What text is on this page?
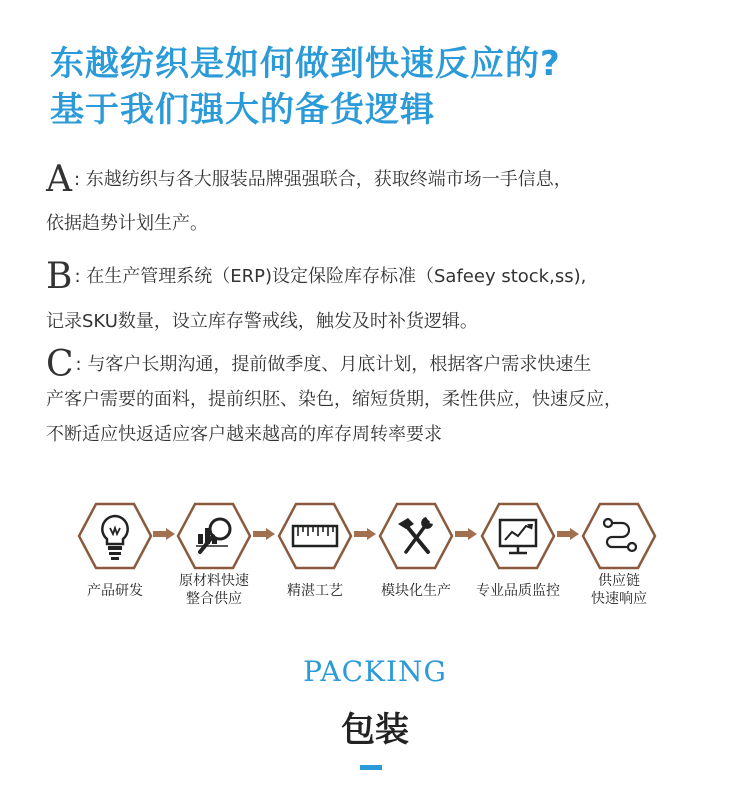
东越纺织是如何做到快速反应的?
基于我们强大的备货逻辑
A : 东越纺织与各大服装品牌强强联合，获取终端市场一手信息，
依据趋势计划生产。
B : 在生产管理系统（ERP)设定保险库存标准（Safeey stock,ss),
记录SKU数量，设立库存警戒线，触发及时补货逻辑。
C : 与客户长期沟通，提前做季度、月底计划，根据客户需求快速生
产客户需要的面料，提前织胚、染色，缩短货期，柔性供应，快速反应，
不断适应快返适应客户越来越高的库存周转率要求
产品研发
原材料快速
整合供应	精湛工艺	模块化生产	专业品质监控
供应链
快速响应
PACKING
包装
